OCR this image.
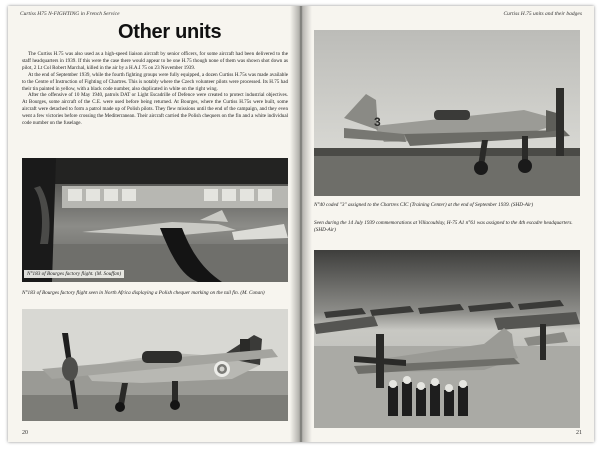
Curtiss H75 N-FIGHTING in French Service
Other units

The Curtiss H.75 was also used as a high-speed liaison aircraft by senior officers, for some aircraft had been delivered to the staff headquarters in 1939. If this were the case there would appear to be one H.75 though none of them was shown shot down as pilot, 2 Lt Col Robert Marchal, killed in the air by a H.A.I 75 on 23 November 1939.

At the end of September 1939, while the fourth fighting groups were fully equipped, a dozen Curtiss H.75s was made available to the Centre of Instruction of Fighting of Chartres. This is notably where the Czech volunteer pilots were processed. Its H.75 had their tin painted in yellow, with a black code number, also duplicated in white on the right wing.

After the offensive of 10 May 1940, patrols DAT or Light Escadrille of Defence were created to protect industrial objectives. At Bourges, some aircraft of the C.E. were used before being returned. At Bourges, where the Curtiss H.75s were built, some aircraft were detached to form a patrol made up of Polish pilots. They flew missions until the end of the campaign, and they even went a few victories before crossing the Mediterranean. Their aircraft carried the Polish chequers on the fin and a white individual code number on the fuselage.

N°183 of Bourges factory flight. (M. Souffan)
N°183 of Bourges factory flight seen in North Africa displaying a Polish chequer marking on the tail fin. (M. Conan)
20
Curtiss H.75 units and their badges
3
N°40 coded "3" assigned to the Chartres CIC (Training Center) at the end of September 1939. (SHD-Air)
Seen during the 14 July 1939 commemorations at Villacoublay, H-75 A1 n°61 was assigned to the 4th escadre headquarters. (SHD-Air)
21
